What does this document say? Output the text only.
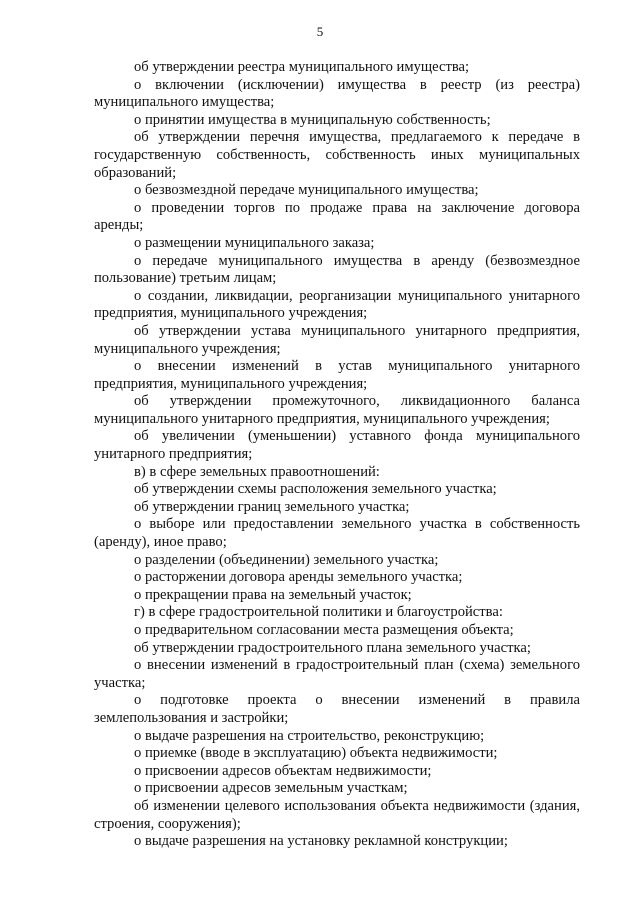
5

об утверждении реестра муниципального имущества;

о включении (исключении) имущества в реестр (из реестра) муниципального имущества;

о принятии имущества в муниципальную собственность;

об утверждении перечня имущества, предлагаемого к передаче в государственную собственность, собственность иных муниципальных образований;

о безвозмездной передаче муниципального имущества;

о проведении торгов по продаже права на заключение договора аренды;

о размещении муниципального заказа;

о передаче муниципального имущества в аренду (безвозмездное пользование) третьим лицам;

о создании, ликвидации, реорганизации муниципального унитарного предприятия, муниципального учреждения;

об утверждении устава муниципального унитарного предприятия, муниципального учреждения;

о внесении изменений в устав муниципального унитарного предприятия, муниципального учреждения;

об утверждении промежуточного, ликвидационного баланса муниципального унитарного предприятия, муниципального учреждения;

об увеличении (уменьшении) уставного фонда муниципального унитарного предприятия;

в) в сфере земельных правоотношений:

об утверждении схемы расположения земельного участка;

об утверждении границ земельного участка;

о выборе или предоставлении земельного участка в собственность (аренду), иное право;

о разделении (объединении) земельного участка;

о расторжении договора аренды земельного участка;

о прекращении права на земельный участок;

г) в сфере градостроительной политики и благоустройства:

о предварительном согласовании места размещения объекта;

об утверждении градостроительного плана земельного участка;

о внесении изменений в градостроительный план (схема) земельного участка;

о подготовке проекта о внесении изменений в правила землепользования и застройки;

о выдаче разрешения на строительство, реконструкцию;

о приемке (вводе в эксплуатацию) объекта недвижимости;

о присвоении адресов объектам недвижимости;

о присвоении адресов земельным участкам;

об изменении целевого использования объекта недвижимости (здания, строения, сооружения);

о выдаче разрешения на установку рекламной конструкции;
